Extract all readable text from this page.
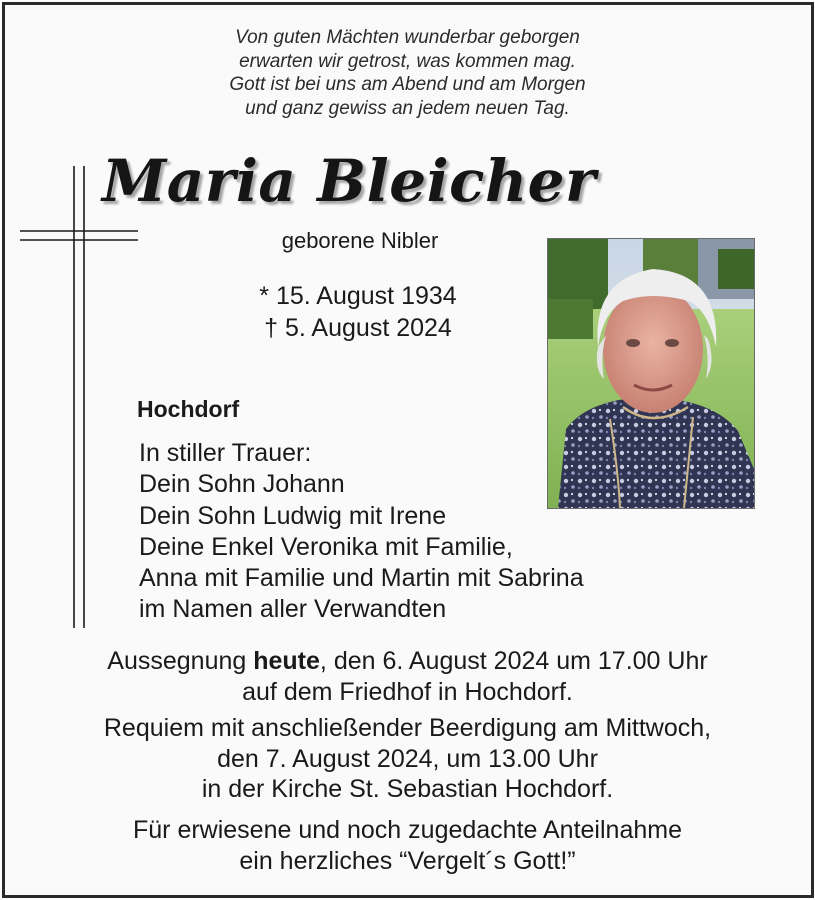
Von guten Mächten wunderbar geborgen
erwarten wir getrost, was kommen mag.
Gott ist bei uns am Abend und am Morgen
und ganz gewiss an jedem neuen Tag.
Maria Bleicher
geborene Nibler
* 15. August 1934
† 5. August 2024
Hochdorf
In stiller Trauer:
Dein Sohn Johann
Dein Sohn Ludwig mit Irene
Deine Enkel Veronika mit Familie,
Anna mit Familie und Martin mit Sabrina
im Namen aller Verwandten
Aussegnung heute, den 6. August 2024 um 17.00 Uhr
auf dem Friedhof in Hochdorf.
Requiem mit anschließender Beerdigung am Mittwoch,
den 7. August 2024, um 13.00 Uhr
in der Kirche St. Sebastian Hochdorf.
Für erwiesene und noch zugedachte Anteilnahme
ein herzliches “Vergelt´s Gott!”
